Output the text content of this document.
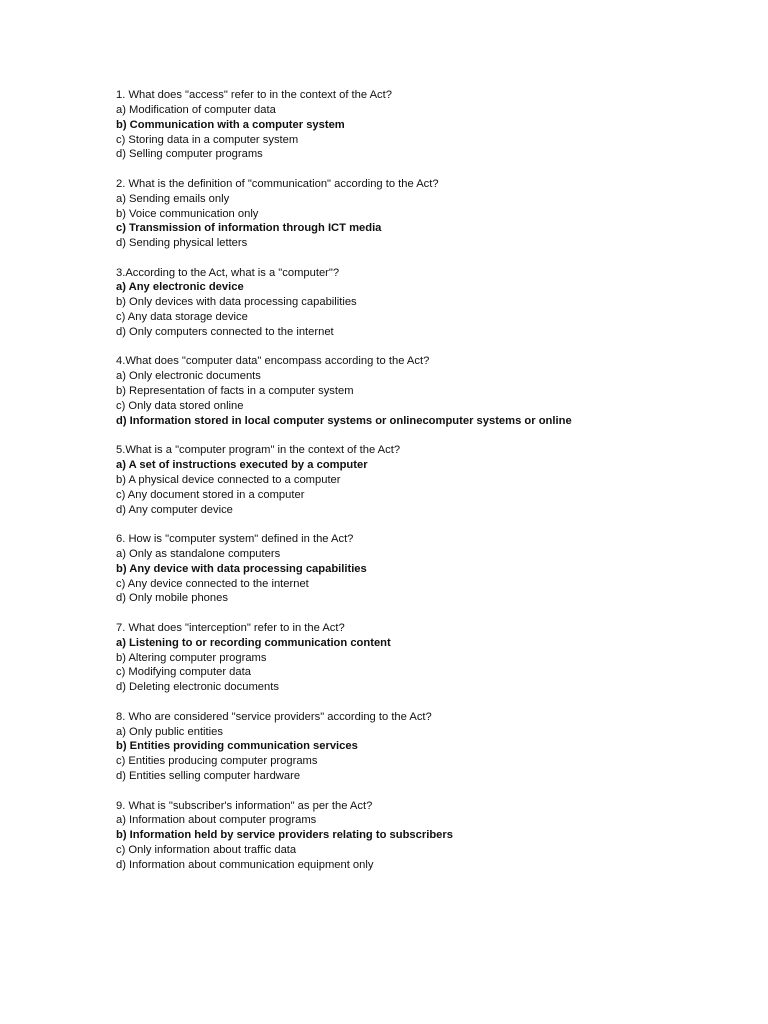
1. What does "access" refer to in the context of the Act?
a) Modification of computer data
b) Communication with a computer system
c) Storing data in a computer system
d) Selling computer programs
2. What is the definition of "communication" according to the Act?
a) Sending emails only
b) Voice communication only
c) Transmission of information through ICT media
d) Sending physical letters
3.According to the Act, what is a "computer"?
a) Any electronic device
b) Only devices with data processing capabilities
c) Any data storage device
d) Only computers connected to the internet
4.What does "computer data" encompass according to the Act?
a) Only electronic documents
b) Representation of facts in a computer system
c) Only data stored online
d) Information stored in local computer systems or onlinecomputer systems or online
5.What is a "computer program" in the context of the Act?
a) A set of instructions executed by a computer
b) A physical device connected to a computer
c) Any document stored in a computer
d) Any computer device
6. How is "computer system" defined in the Act?
a) Only as standalone computers
b) Any device with data processing capabilities
c) Any device connected to the internet
d) Only mobile phones
7. What does "interception" refer to in the Act?
a) Listening to or recording communication content
b) Altering computer programs
c) Modifying computer data
d) Deleting electronic documents
8. Who are considered "service providers" according to the Act?
a) Only public entities
b) Entities providing communication services
c) Entities producing computer programs
d) Entities selling computer hardware
9. What is "subscriber's information" as per the Act?
a) Information about computer programs
b) Information held by service providers relating to subscribers
c) Only information about traffic data
d) Information about communication equipment only
